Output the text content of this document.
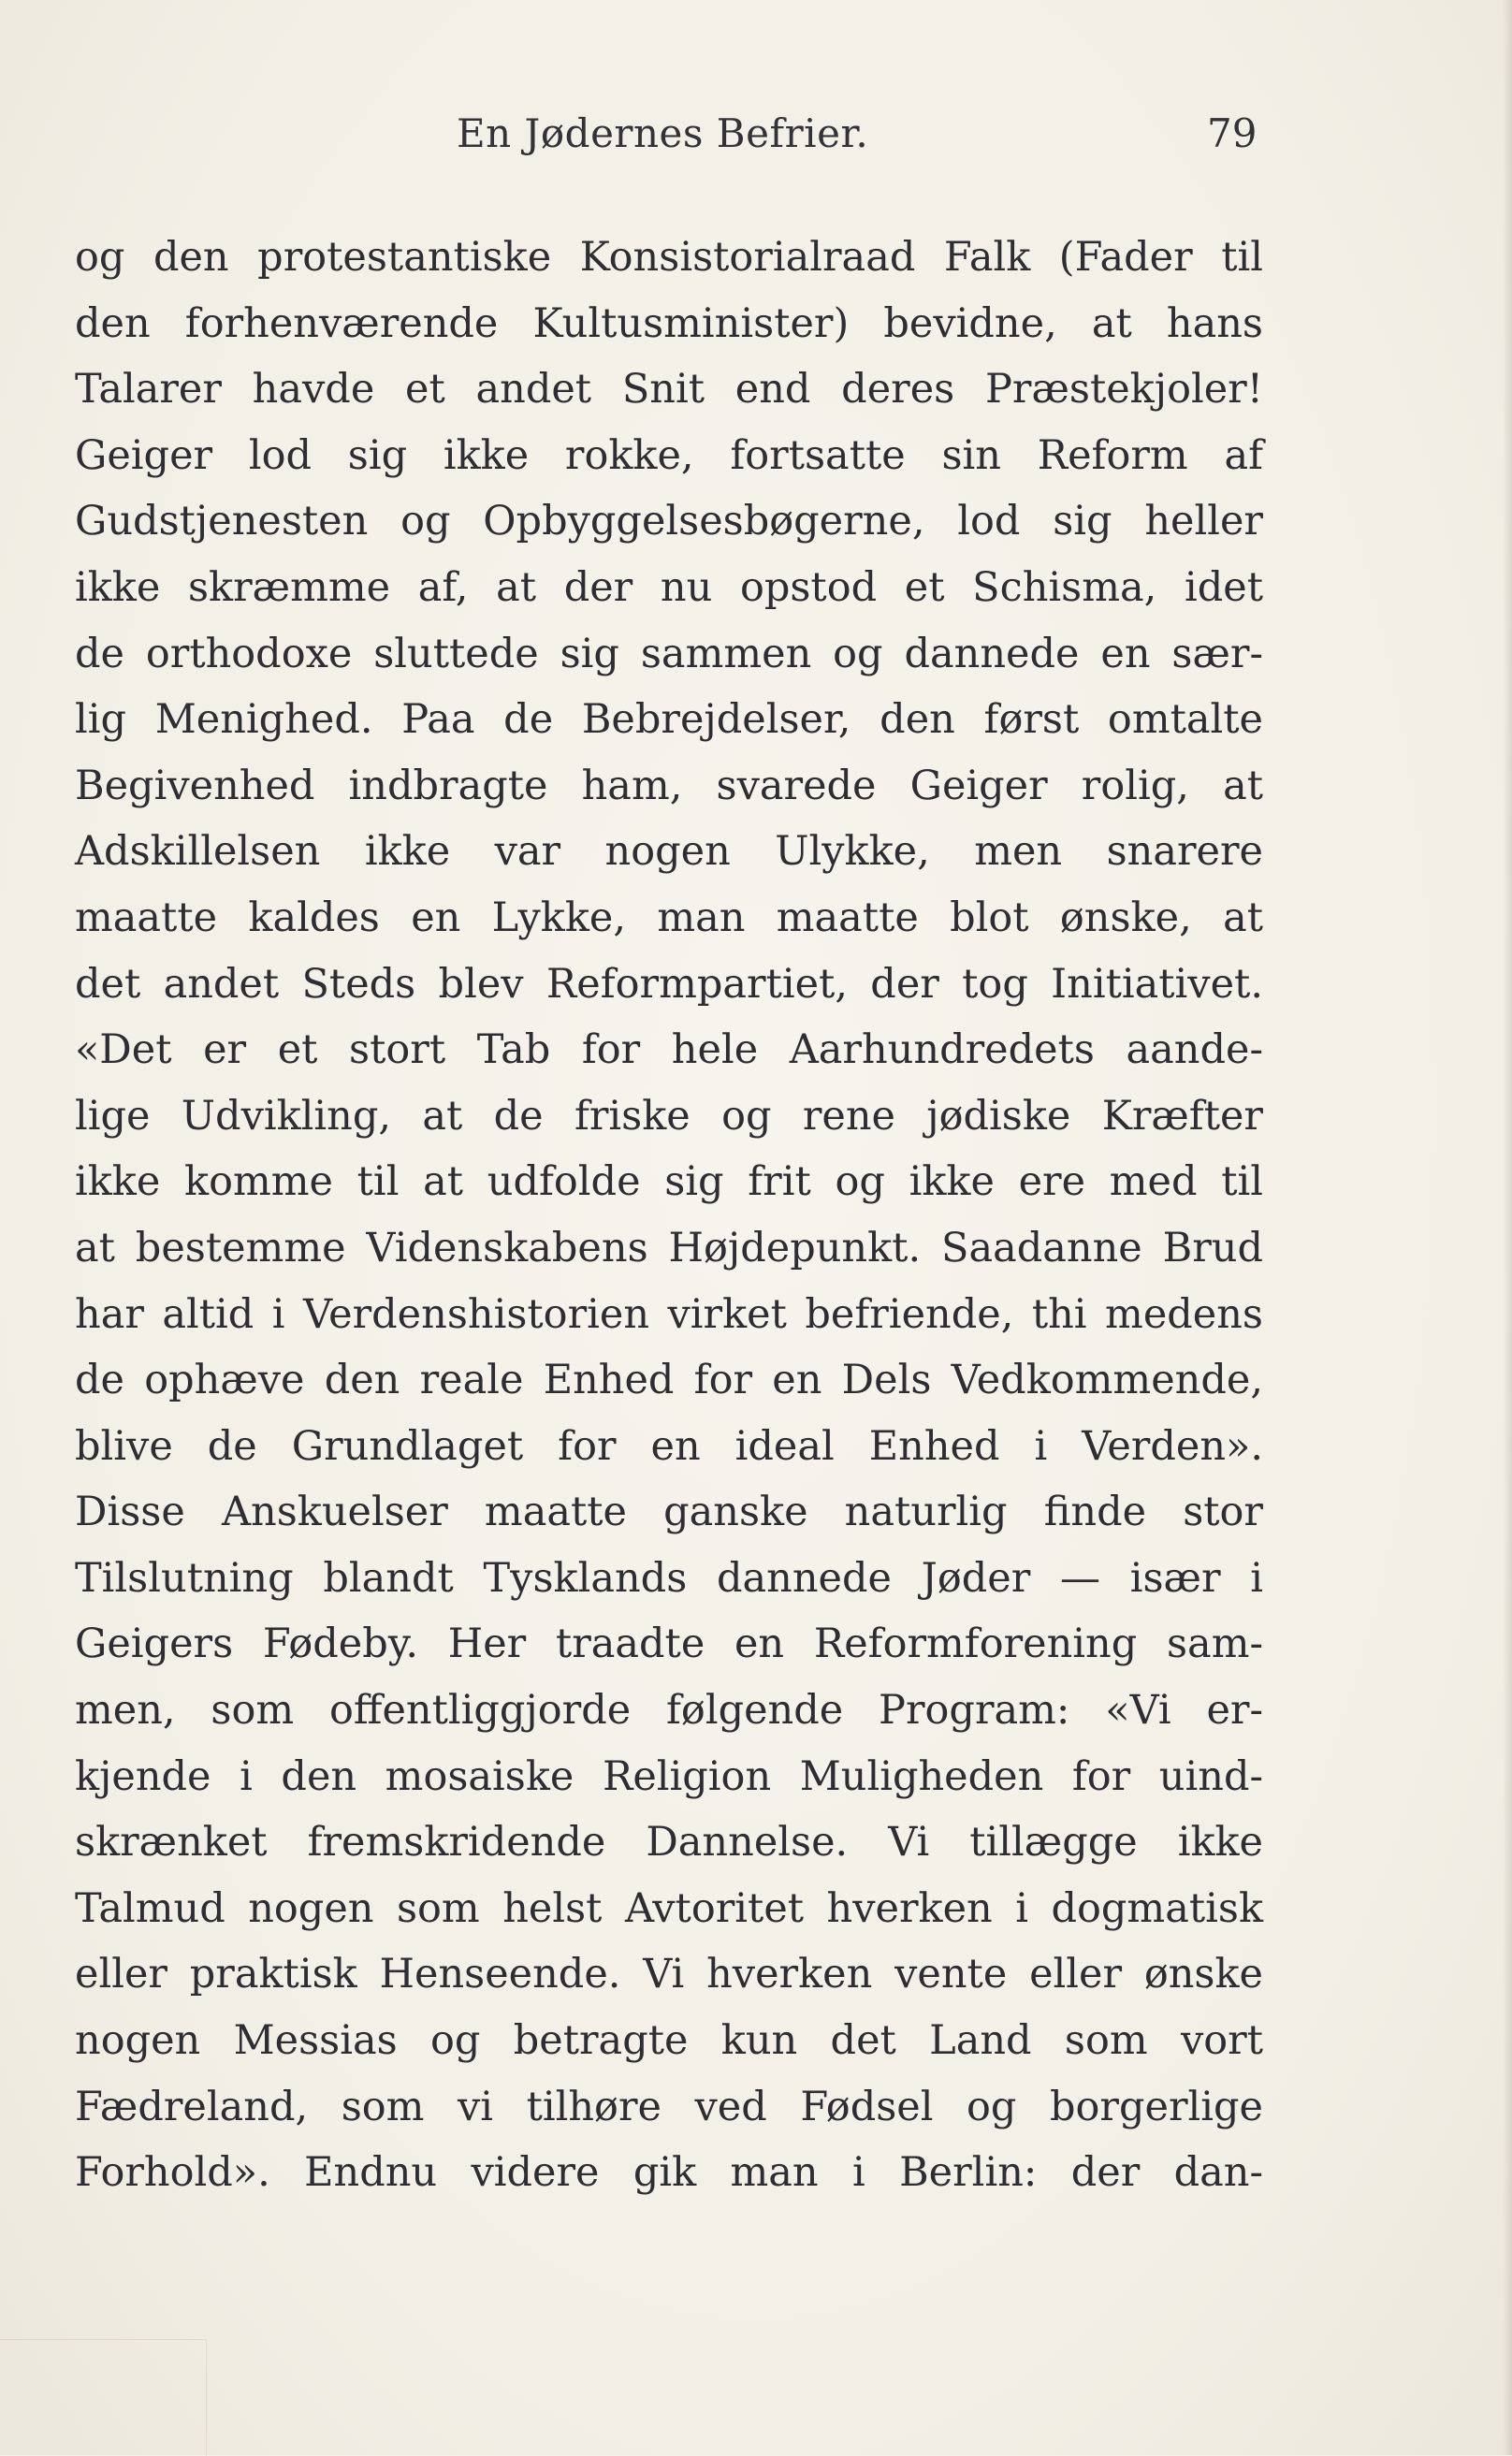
En Jødernes Befrier.	79
og den protestantiske Konsistorialraad Falk (Fader til
den forhenværende Kultusminister) bevidne, at hans
Talarer havde et andet Snit end deres Præstekjoler!
Geiger lod sig ikke rokke, fortsatte sin Reform af
Gudstjenesten og Opbyggelsesbøgerne, lod sig heller
ikke skræmme af, at der nu opstod et Schisma, idet
de orthodoxe sluttede sig sammen og dannede en sær-
lig Menighed. Paa de Bebrejdelser, den først omtalte
Begivenhed indbragte ham, svarede Geiger rolig, at
Adskillelsen ikke var nogen Ulykke, men snarere
maatte kaldes en Lykke, man maatte blot ønske, at
det andet Steds blev Reformpartiet, der tog Initiativet.
«Det er et stort Tab for hele Aarhundredets aande-
lige Udvikling, at de friske og rene jødiske Kræfter
ikke komme til at udfolde sig frit og ikke ere med til
at bestemme Videnskabens Højdepunkt. Saadanne Brud
har altid i Verdenshistorien virket befriende, thi medens
de ophæve den reale Enhed for en Dels Vedkommende,
blive de Grundlaget for en ideal Enhed i Verden».
Disse Anskuelser maatte ganske naturlig finde stor
Tilslutning blandt Tysklands dannede Jøder — især i
Geigers Fødeby. Her traadte en Reformforening sam-
men, som offentliggjorde følgende Program: «Vi er-
kjende i den mosaiske Religion Muligheden for uind-
skrænket fremskridende Dannelse. Vi tillægge ikke
Talmud nogen som helst Avtoritet hverken i dogmatisk
eller praktisk Henseende. Vi hverken vente eller ønske
nogen Messias og betragte kun det Land som vort
Fædreland, som vi tilhøre ved Fødsel og borgerlige
Forhold». Endnu videre gik man i Berlin: der dan-
